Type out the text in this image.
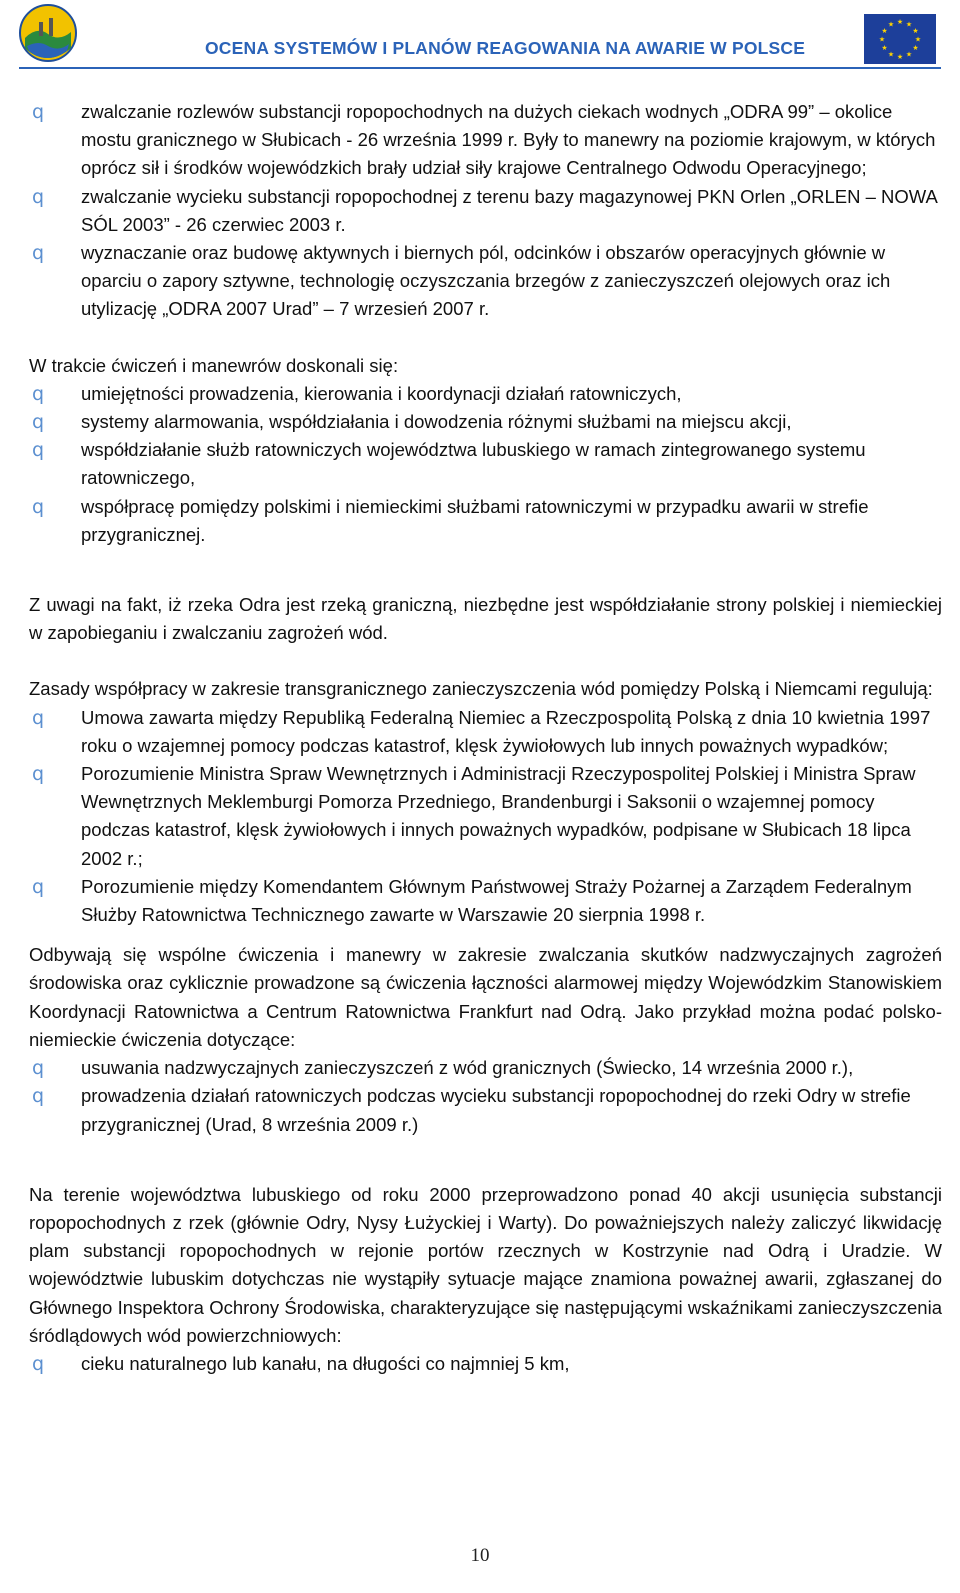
OCENA SYSTEMÓW I PLANÓW REAGOWANIA NA AWARIE W POLSCE
★ ★
★
★
★
★
★
★
★
★
★
★
q zwalczanie rozlewów substancji ropopochodnych na dużych ciekach wodnych „ODRA 99” – okolice mostu granicznego w Słubicach - 26 września 1999 r. Były to manewry na poziomie krajowym, w których oprócz sił i środków wojewódzkich brały udział siły krajowe Centralnego Odwodu Operacyjnego;
q zwalczanie wycieku substancji ropopochodnej z terenu bazy magazynowej PKN Orlen „ORLEN – NOWA SÓL 2003” - 26 czerwiec 2003 r.
q wyznaczanie oraz budowę aktywnych i biernych pól, odcinków i obszarów operacyjnych głównie w oparciu o zapory sztywne, technologię oczyszczania brzegów z zanieczyszczeń olejowych oraz ich utylizację „ODRA 2007 Urad” – 7 wrzesień 2007 r.

W trakcie ćwiczeń i manewrów doskonali się:

q umiejętności prowadzenia, kierowania i koordynacji działań ratowniczych,
q systemy alarmowania, współdziałania i dowodzenia różnymi służbami na miejscu akcji,
q współdziałanie służb ratowniczych województwa lubuskiego w ramach zintegrowanego systemu ratowniczego,
q współpracę pomiędzy polskimi i niemieckimi służbami ratowniczymi w przypadku awarii w strefie przygranicznej.

Z uwagi na fakt, iż rzeka Odra jest rzeką graniczną, niezbędne jest współdziałanie strony polskiej i niemieckiej w zapobieganiu i zwalczaniu zagrożeń wód.

Zasady współpracy w zakresie transgranicznego zanieczyszczenia wód pomiędzy Polską i Niemcami regulują:

q Umowa zawarta między Republiką Federalną Niemiec a Rzeczpospolitą Polską z dnia 10 kwietnia 1997 roku o wzajemnej pomocy podczas katastrof, klęsk żywiołowych lub innych poważnych wypadków;
q Porozumienie Ministra Spraw Wewnętrznych i Administracji Rzeczypospolitej Polskiej i Ministra Spraw Wewnętrznych Meklemburgi Pomorza Przedniego, Brandenburgi i Saksonii o wzajemnej pomocy podczas katastrof, klęsk żywiołowych i innych poważnych wypadków, podpisane w Słubicach 18 lipca 2002 r.;
q Porozumienie między Komendantem Głównym Państwowej Straży Pożarnej a Zarządem Federalnym Służby Ratownictwa Technicznego zawarte w Warszawie 20 sierpnia 1998 r.

Odbywają się wspólne ćwiczenia i manewry w zakresie zwalczania skutków nadzwyczajnych zagrożeń środowiska oraz cyklicznie prowadzone są ćwiczenia łączności alarmowej między Wojewódzkim Stanowiskiem Koordynacji Ratownictwa a Centrum Ratownictwa Frankfurt nad Odrą. Jako przykład można podać polsko-niemieckie ćwiczenia dotyczące:

q usuwania nadzwyczajnych zanieczyszczeń z wód granicznych (Świecko, 14 września 2000 r.),
q prowadzenia działań ratowniczych podczas wycieku substancji ropopochodnej do rzeki Odry w strefie przygranicznej (Urad, 8 września 2009 r.)

Na terenie województwa lubuskiego od roku 2000 przeprowadzono ponad 40 akcji usunięcia substancji ropopochodnych z rzek (głównie Odry, Nysy Łużyckiej i Warty). Do poważniejszych należy zaliczyć likwidację plam substancji ropopochodnych w rejonie portów rzecznych w Kostrzynie nad Odrą i Uradzie. W województwie lubuskim dotychczas nie wystąpiły sytuacje mające znamiona poważnej awarii, zgłaszanej do Głównego Inspektora Ochrony Środowiska, charakteryzujące się następującymi wskaźnikami zanieczyszczenia śródlądowych wód powierzchniowych:

q cieku naturalnego lub kanału, na długości co najmniej 5 km,
10
